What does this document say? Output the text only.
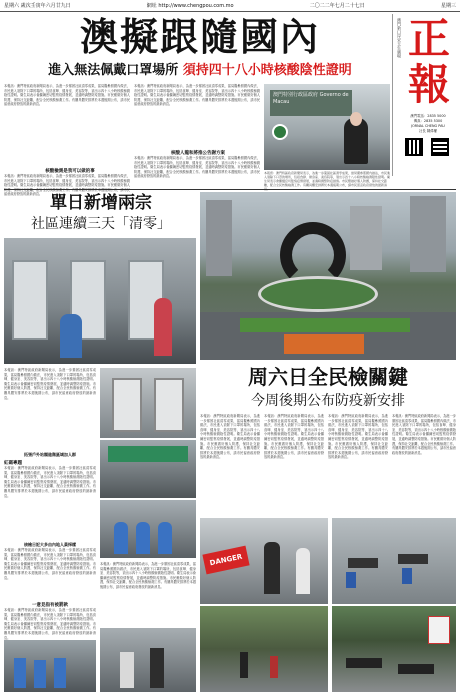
星期六 歲次壬寅年六月廿九日	網址 http://www.chengpou.com.mo	二〇二二年七月二十七日	星期三
澳門新口岸宋玉生廣場 正
報
澳門電話：2835 5000
傳真：2835 5300
JORNAL CHENG PAU
社長 陳偉權
澳擬跟隨國內
進入無法佩戴口罩場所 須持四十八小時核酸陰性證明
本報訊：澳門特區政府新聞局表示，為進一步鞏固社區清零成果，當局擬參照國內做法，市民進入須除下口罩的場所，包括食肆、健身室、美容院等，須出示四十八小時核酸檢測陰性證明。衛生局表示會繼續密切監察疫情發展，並適時調整防疫措施。市民應做好個人防護，保持社交距離，配合全民核酸檢測工作。有關具體安排將於本週後期公布，請市民留意政府發放的最新消息。
核酸檢測是我可以做的事
本報訊：澳門特區政府新聞局表示，為進一步鞏固社區清零成果，當局擬參照國內做法，市民進入須除下口罩的場所，包括食肆、健身室、美容院等，須出示四十八小時核酸檢測陰性證明。衛生局表示會繼續密切監察疫情發展，並適時調整防疫措施。市民應做好個人 留意政府發放的最新消息。
本報訊：澳門特區政府新聞局表示，為進一步鞏固社區清零成果，當局擬參照國內做法，市民進入須除下口罩的場所，包括食肆、健身室、美容院等，須出示四十八小時核酸檢測陰性證明。衛生局表示會繼續密切監察疫情發展，並適時調整防疫措施。市民應做好個人防護，保持社交距離，配合全民核酸檢測工作。有關具體安排將於本週後期公布，請市民留意政府發放的最新消息。
核酸人龍和將推公告謝方案
本報訊：澳門特區政府新聞局表示，為進一步鞏固社區清零成果，當局擬參照國內做法，市民進入須除下口罩的場所，包括食肆、健身室、美容院等，須出示四十八小時核酸檢測陰性證明。衛生局表示會繼續密切監察疫情發展，並適時調整防疫措施。市民應做好個人防護，保持社交距離，配合全民核酸檢測工作。有關具體安排將於本週後期公布，請市民留意政府發放的最新消息。
澳門特別行政區政府 Governo de Macau
本報訊：澳門特區政府新聞局表示，為進一步鞏固社區清零成果，當局擬參照國內做法，市民進入須除下口罩的場所，包括食肆、健身室、美容院等，須出示四十八小時核酸檢測陰性證明。衛生局表示會繼續密切監察疫情發展，並適時調整防疫措施。市民應做好個人防護，保持社交距離，配合全民核酸檢測工作。有關具體安排將於本週後期公布，請市民留意政府發放的最新消
單日新增兩宗
社區連續三天「清零」
周六日全民檢關鍵
今周後期公布防疫新安排
本報訊：澳門特區政府新聞局表示，為進一步鞏固社區清零成果，當局擬參照國內做法，市民進入須除下口罩的場所，包括食肆、健身室、美容院等，須出示四十八小時核酸檢測陰性證明。衛生局表示會繼續密切監察疫情發展，並適時調整防疫措施。市民應做好個人防護，保持社交距離，配合全民核酸檢測工作。有關具體安排將於本週後期公布，請市民留意政府發放的最新消息。
本報訊：澳門特區政府新聞局表示，為進一步鞏固社區清零成果，當局擬參照國內做法，市民進入須除下口罩的場所，包括食肆、健身室、美容院等，須出示四十八小時核酸檢測陰性證明。衛生局表示會繼續密切監察疫情發展，並適時調整防疫措施。市民應做好個人防護，保持社交距離，配合全民核酸檢測工作。有關具體安排將於本週後期公布，請市民留意政府發放的最新消息。
本報訊：澳門特區政府新聞局表示，為進一步鞏固社區清零成果，當局擬參照國內做法，市民進入須除下口罩的場所，包括食肆、健身室、美容院等，須出示四十八小時核酸檢測陰性證明。衛生局表示會繼續密切監察疫情發展，並適時調整防疫措施。市民應做好個人防護，保持社交距離，配合全民核酸檢測工作。有關具體安排將於本週後期公布，請市民留意政府發放的最新消息。
本報訊：澳門特區政府新聞局表示，為進一步鞏固社區清零成果，當局擬參照國內做法，市民進入須除下口罩的場所，包括食肆、健身室、美容院等，須出示四十八小時核酸檢測陰性證明。衛生局表示會繼續密切監察疫情發展，並適時調整防疫措施。市民應做好個人防護，保持社交距離，配合全民核酸檢測工作。有關具體安排將於本週後期公布，請市民留意政府發放的最新消息。
本報訊：澳門特區政府新聞局表示，為進一步鞏固社區清零成果，當局擬參照國內做法，市民進入須除下口罩的場所，包括食肆、健身室、美容院等，須出示四十八小時核酸檢測陰性證明。衛生局表示會繼續密切監察疫情發展，並適時調整防疫措施。市民應做好個人防護，保持社交距離，配合全民核酸檢測工作。有關具體安排將於本週後期公布，請市民留意政府發放的最新消息。
拓張戶外站額進階區域加人群
紅碼專題
本報訊：澳門特區政府新聞局表示，為進一步鞏固社區清零成果，當局擬參照國內做法，市民進入須除下口罩的場所，包括食肆、健身室、美容院等，須出示四十八小時核酸檢測陰性證明。衛生局表示會繼續密切監察疫情發展，並適時調整防疫措施。市民應做好個人防護，保持社交距離，配合全民核酸檢測工作。有關具體安排將於本週後期公布，請市民留意政府發放的最新消息。
核檢日記大多由內地人員採樣
本報訊：澳門特區政府新聞局表示，為進一步鞏固社區清零成果，當局擬參照國內做法，市民進入須除下口罩的場所，包括食肆、健身室、美容院等，須出示四十八小時核酸檢測陰性證明。衛生局表示會繼續密切監察疫情發展，並適時調整防疫措施。市民應做好個人防護，保持社交距離，配合全民核酸檢測工作。有關具體安排將於本週後期公布，請市民留意政府發放的最新消息。
一意見指有被罰款
本報訊：澳門特區政府新聞局表示，為進一步鞏固社區清零成果，當局擬參照國內做法，市民進入須除下口罩的場所，包括食肆、健身室、美容院等，須出示四十八小時核酸檢測陰性證明。衛生局表示會繼續密切監察疫情發展，並適時調整防疫措施。市民應做好個人防護，保持社交距離，配合全民核酸檢測工作。有關具體安排將於本週後期公布，請市民留意政府發放的最新消息。
本報訊：澳門特區政府新聞局表示，為進一步鞏固社區清零成果，當局擬參照國內做法，市民進入須除下口罩的場所，包括食肆、健身室、美容院等，須出示四十八小時核酸檢測陰性證明。衛生局表示會繼續密切監察疫情發展，並適時調整防疫措施。市民應做好個人防護，保持社交距離，配合全民核酸檢測工作。有關具體安排將於本週後期公布，請市民留意政府發放的最新消息。
DANGER
